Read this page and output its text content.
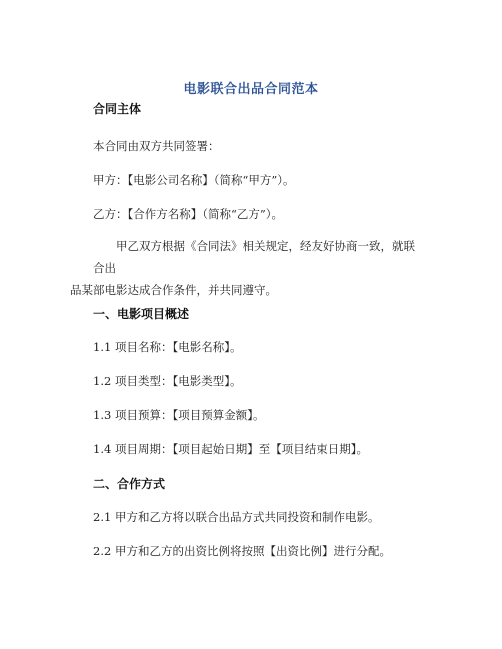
电影联合出品合同范本
合同主体
本合同由双方共同签署：
甲方：【电影公司名称】（简称“甲方”）。
乙方：【合作方名称】（简称“乙方”）。
甲乙双方根据《合同法》相关规定，经友好协商一致，就联合出
品某部电影达成合作条件，并共同遵守。
一、电影项目概述
1.1 项目名称：【电影名称】。
1.2 项目类型：【电影类型】。
1.3 项目预算：【项目预算金额】。
1.4 项目周期：【项目起始日期】至【项目结束日期】。
二、合作方式
2.1 甲方和乙方将以联合出品方式共同投资和制作电影。
2.2 甲方和乙方的出资比例将按照【出资比例】进行分配。
